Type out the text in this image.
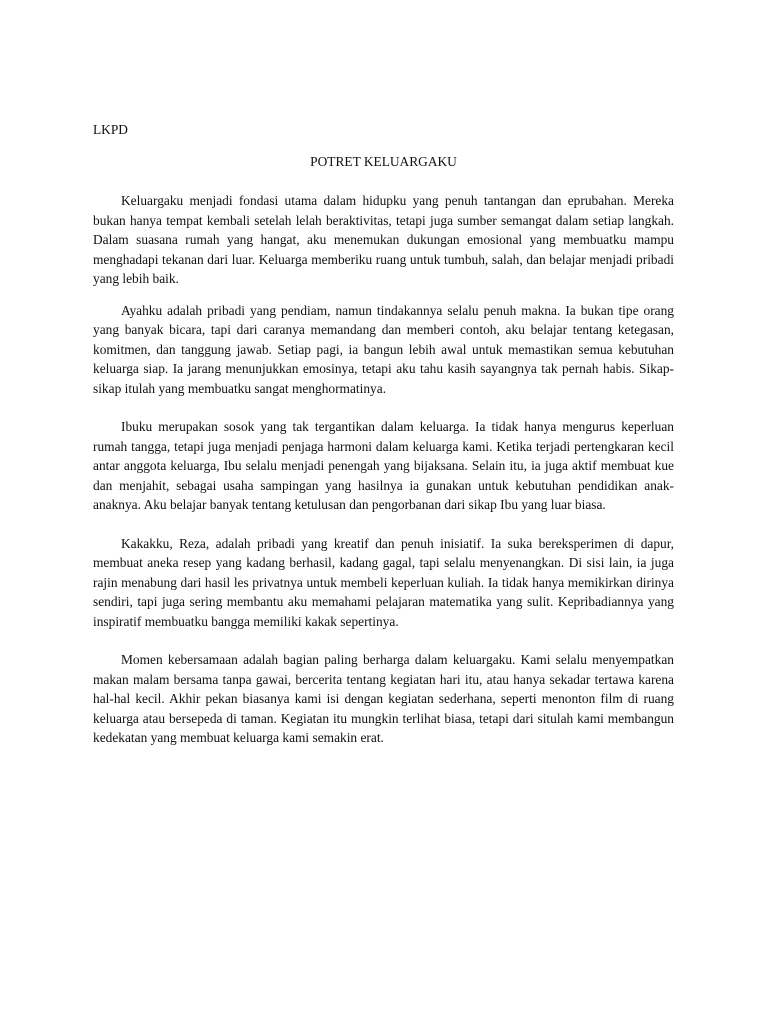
LKPD

POTRET KELUARGAKU

Keluargaku menjadi fondasi utama dalam hidupku yang penuh tantangan dan eprubahan. Mereka bukan hanya tempat kembali setelah lelah beraktivitas, tetapi juga sumber semangat dalam setiap langkah. Dalam suasana rumah yang hangat, aku menemukan dukungan emosional yang membuatku mampu menghadapi tekanan dari luar. Keluarga memberiku ruang untuk tumbuh, salah, dan belajar menjadi pribadi yang lebih baik.

Ayahku adalah pribadi yang pendiam, namun tindakannya selalu penuh makna. Ia bukan tipe orang yang banyak bicara, tapi dari caranya memandang dan memberi contoh, aku belajar tentang ketegasan, komitmen, dan tanggung jawab. Setiap pagi, ia bangun lebih awal untuk memastikan semua kebutuhan keluarga siap. Ia jarang menunjukkan emosinya, tetapi aku tahu kasih sayangnya tak pernah habis. Sikap-sikap itulah yang membuatku sangat menghormatinya.

Ibuku merupakan sosok yang tak tergantikan dalam keluarga. Ia tidak hanya mengurus keperluan rumah tangga, tetapi juga menjadi penjaga harmoni dalam keluarga kami. Ketika terjadi pertengkaran kecil antar anggota keluarga, Ibu selalu menjadi penengah yang bijaksana. Selain itu, ia juga aktif membuat kue dan menjahit, sebagai usaha sampingan yang hasilnya ia gunakan untuk kebutuhan pendidikan anak-anaknya. Aku belajar banyak tentang ketulusan dan pengorbanan dari sikap Ibu yang luar biasa.

Kakakku, Reza, adalah pribadi yang kreatif dan penuh inisiatif. Ia suka bereksperimen di dapur, membuat aneka resep yang kadang berhasil, kadang gagal, tapi selalu menyenangkan. Di sisi lain, ia juga rajin menabung dari hasil les privatnya untuk membeli keperluan kuliah. Ia tidak hanya memikirkan dirinya sendiri, tapi juga sering membantu aku memahami pelajaran matematika yang sulit. Kepribadiannya yang inspiratif membuatku bangga memiliki kakak sepertinya.

Momen kebersamaan adalah bagian paling berharga dalam keluargaku. Kami selalu menyempatkan makan malam bersama tanpa gawai, bercerita tentang kegiatan hari itu, atau hanya sekadar tertawa karena hal-hal kecil. Akhir pekan biasanya kami isi dengan kegiatan sederhana, seperti menonton film di ruang keluarga atau bersepeda di taman. Kegiatan itu mungkin terlihat biasa, tetapi dari situlah kami membangun kedekatan yang membuat keluarga kami semakin erat.
